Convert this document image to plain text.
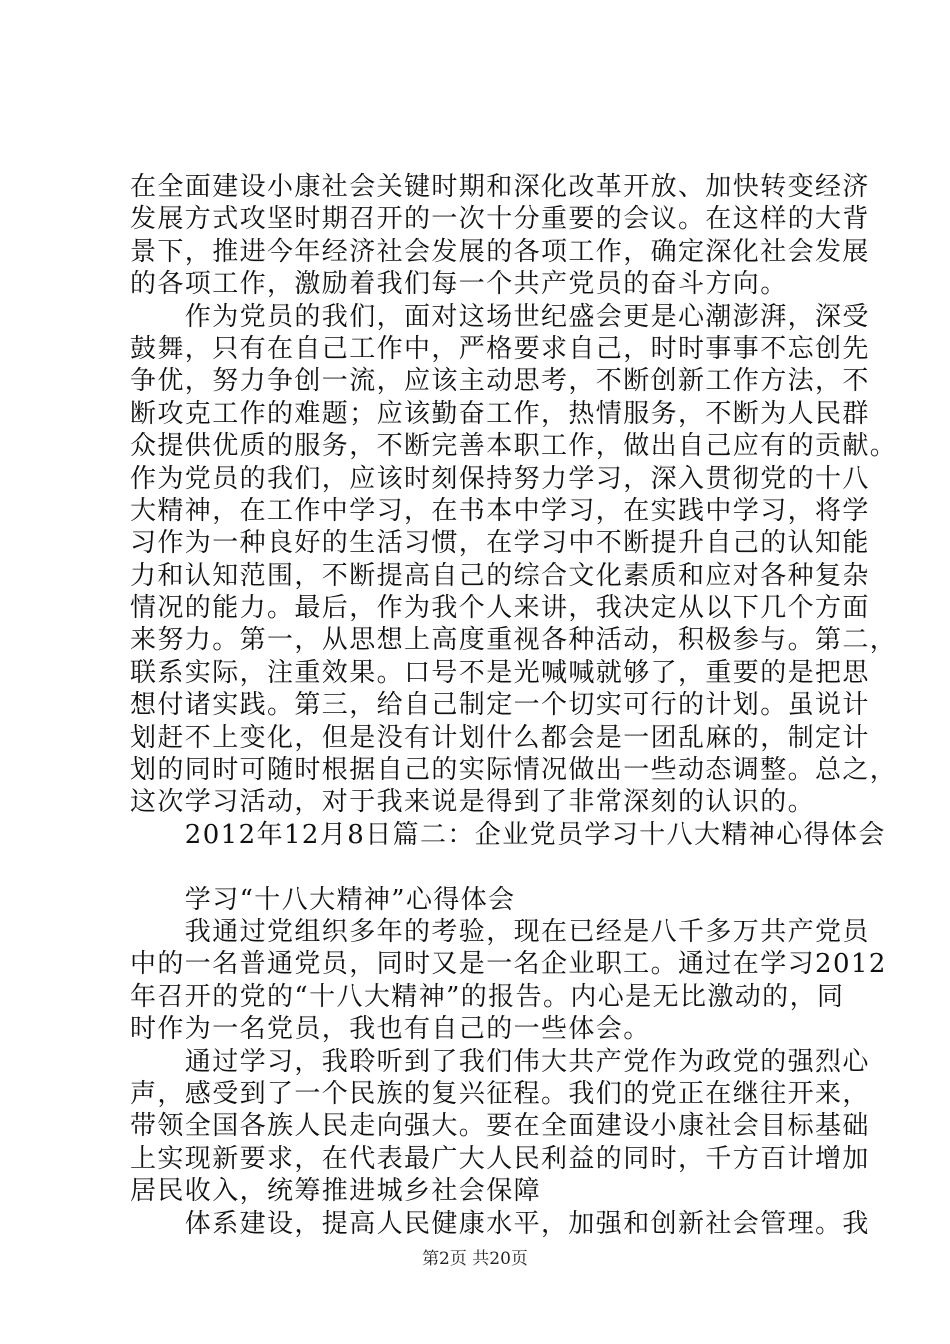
在全面建设小康社会关键时期和深化改革开放、加快转变经济
发展方式攻坚时期召开的一次十分重要的会议。在这样的大背
景下，推进今年经济社会发展的各项工作，确定深化社会发展
的各项工作，激励着我们每一个共产党员的奋斗方向。
　　作为党员的我们，面对这场世纪盛会更是心潮澎湃，深受
鼓舞，只有在自己工作中，严格要求自己，时时事事不忘创先
争优，努力争创一流，应该主动思考，不断创新工作方法，不
断攻克工作的难题；应该勤奋工作，热情服务，不断为人民群
众提供优质的服务，不断完善本职工作，做出自己应有的贡献。
作为党员的我们，应该时刻保持努力学习，深入贯彻党的十八
大精神，在工作中学习，在书本中学习，在实践中学习，将学
习作为一种良好的生活习惯，在学习中不断提升自己的认知能
力和认知范围，不断提高自己的综合文化素质和应对各种复杂
情况的能力。最后，作为我个人来讲，我决定从以下几个方面
来努力。第一，从思想上高度重视各种活动，积极参与。第二，
联系实际，注重效果。口号不是光喊喊就够了，重要的是把思
想付诸实践。第三，给自己制定一个切实可行的计划。虽说计
划赶不上变化，但是没有计划什么都会是一团乱麻的，制定计
划的同时可随时根据自己的实际情况做出一些动态调整。总之，
这次学习活动，对于我来说是得到了非常深刻的认识的。
　　2012年12月8日篇二：企业党员学习十八大精神心得体会
　　学习“十八大精神”心得体会
　　我通过党组织多年的考验，现在已经是八千多万共产党员
中的一名普通党员，同时又是一名企业职工。通过在学习2012
年召开的党的“十八大精神”的报告。内心是无比激动的，同
时作为一名党员，我也有自己的一些体会。
　　通过学习，我聆听到了我们伟大共产党作为政党的强烈心
声，感受到了一个民族的复兴征程。我们的党正在继往开来，
带领全国各族人民走向强大。要在全面建设小康社会目标基础
上实现新要求，在代表最广大人民利益的同时，千方百计增加
居民收入，统筹推进城乡社会保障
　　体系建设，提高人民健康水平，加强和创新社会管理。我
第2页 共20页
